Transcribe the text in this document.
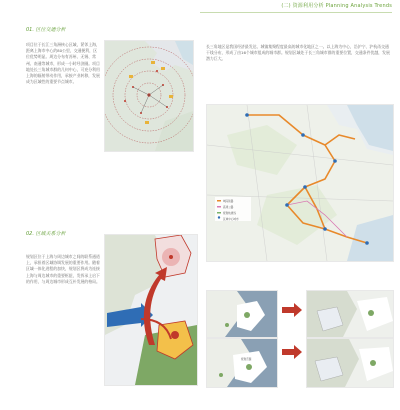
(二) 资源利用分析 Planning Analysis Trends
01. 区位交通分析
项目位于长江三角洲核心区域，紧邻上海，距离上海市中心约80公里，交通便利，区位优势明显。周边分布有苏州、无锡、常州、南通等城市，形成一小时经济圈。项目地处长三角城市群的几何中心，可充分利用上海的辐射带动作用，承接产业转移，发展成为区域性的重要节点城市。
长三角地区是我国经济最发达、城镇集聚程度最高的城市化地区之一。以上海为中心，沿沪宁、沪杭甬交通干线分布，形成了由16个城市组成的城市群。规划区域处于长三角城市群的重要位置，交通条件优越，发展潜力巨大。
城际铁路
高速公路
规划轨道线
区域中心城市
02. 区域关系分析
规划区位于上海与周边城市之间的联系通道上，承担着区域协调发展的重要作用。随着区域一体化进程的加快，规划区将成为连接上海与周边城市的重要枢纽，发挥承上启下的作用，与周边城市形成互补发展的格局。
规划范围
